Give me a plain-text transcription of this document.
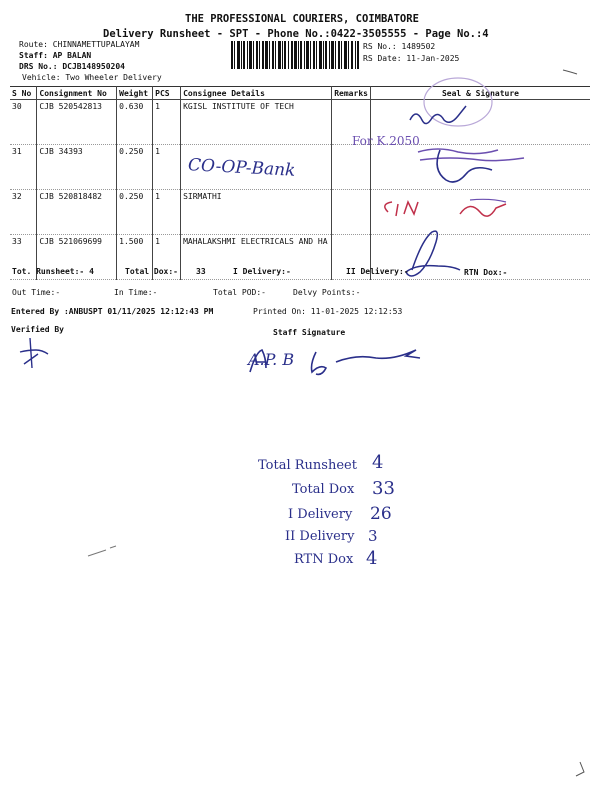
THE PROFESSIONAL COURIERS, COIMBATORE
Delivery Runsheet - SPT - Phone No.:0422-3505555 - Page No.:4
Route: CHINNAMETTUPALAYAM
Staff: AP BALAN
DRS No.: DCJB148950204
Vehicle: Two Wheeler Delivery
RS No.: 1489502
RS Date: 11-Jan-2025
S No	Consignment No	Weight	PCS	Consignee Details	Remarks	Seal & Signature
30	CJB 520542813	0.630	1	KGISL INSTITUTE OF TECH		
31	CJB 34393	0.250	1			
32	CJB 520818482	0.250	1	SIRMATHI		
33	CJB 521069699	1.500	1	MAHALAKSHMI ELECTRICALS AND HA		
CO-OP-Bank
For K.2050
Tot. Runsheet:- 4	Total Dox:- 33	I Delivery:-	II Delivery:-	RTN Dox:-
Out Time:-	In Time:-	Total POD:-	Delvy Points:-
Entered By :ANBUSPT 01/11/2025 12:12:43 PM	Printed On: 11-01-2025 12:12:53
Verified By	Staff Signature
A.P. B
Total Runsheet 4
Total Dox 33
I Delivery 26
II Delivery 3
RTN Dox 4
